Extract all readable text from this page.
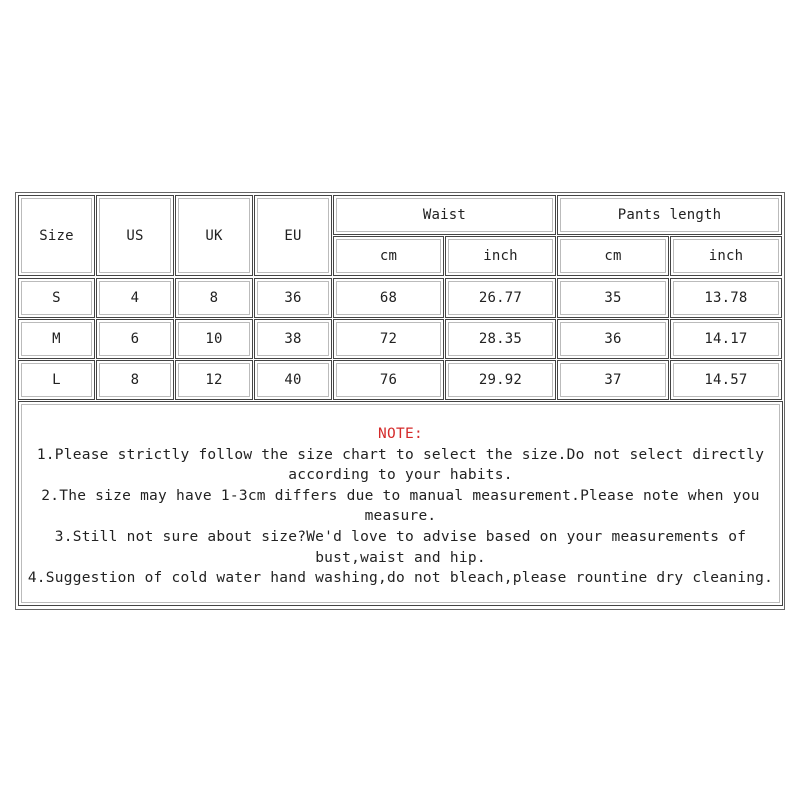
Size	US	UK	EU
Waist	Pants length
cm	inch	cm	inch
S	4	8	36	68	26.77	35	13.78
M	6	10	38	72	28.35	36	14.17
L	8	12	40	76	29.92	37	14.57
NOTE:
1.Please strictly follow the size chart to select the size.Do not select directly
according to your habits.
2.The size may have 1-3cm differs due to manual measurement.Please note when you
measure.
3.Still not sure about size?We'd love to advise based on your measurements of
bust,waist and hip.
4.Suggestion of cold water hand washing,do not bleach,please rountine dry cleaning.
